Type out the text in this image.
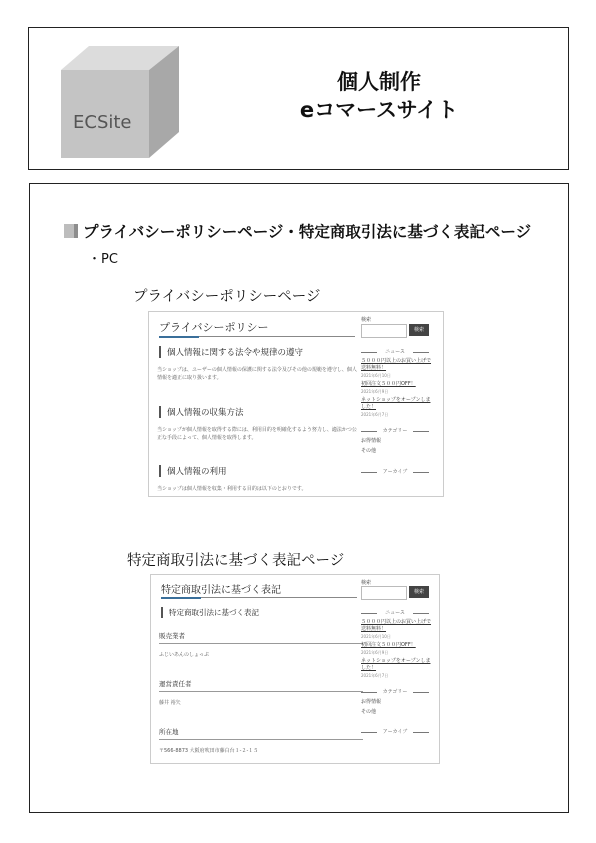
ECSite
個人制作
eコマースサイト
プライバシーポリシーページ・特定商取引法に基づく表記ページ
・PC
プライバシーポリシーページ
プライバシーポリシー
個人情報に関する法令や規律の遵守
当ショップは、ユーザーの個人情報の保護に関する法令及びその他の規範を遵守し、個人情報を適正に取り扱います。
個人情報の収集方法
当ショップが個人情報を取得する際には、利用目的を明確化するよう努力し、適法かつ公正な手段によって、個人情報を取得します。
個人情報の利用
当ショップは個人情報を収集・利用する目的は以下のとおりです。
検索
検索
ニュース
５０００円以上のお買い上げで送料無料！
2021年6月10日
初回注文５００円OFF！
2021年6月9日
ネットショップをオープンしました！
2021年6月7日
カテゴリー
お得情報
その他
アーカイブ
特定商取引法に基づく表記ページ
特定商取引法に基づく表記
特定商取引法に基づく表記
販売業者
ふじいあんのしょっぷ
運営責任者
藤井 裕矢
所在地
〒566-8873 大阪府吹田市藤白台１-２-１５
検索
検索
ニュース
５０００円以上のお買い上げで送料無料！
2021年6月10日
初回注文５００円OFF！
2021年6月9日
ネットショップをオープンしました！
2021年6月7日
カテゴリー
お得情報
その他
アーカイブ
